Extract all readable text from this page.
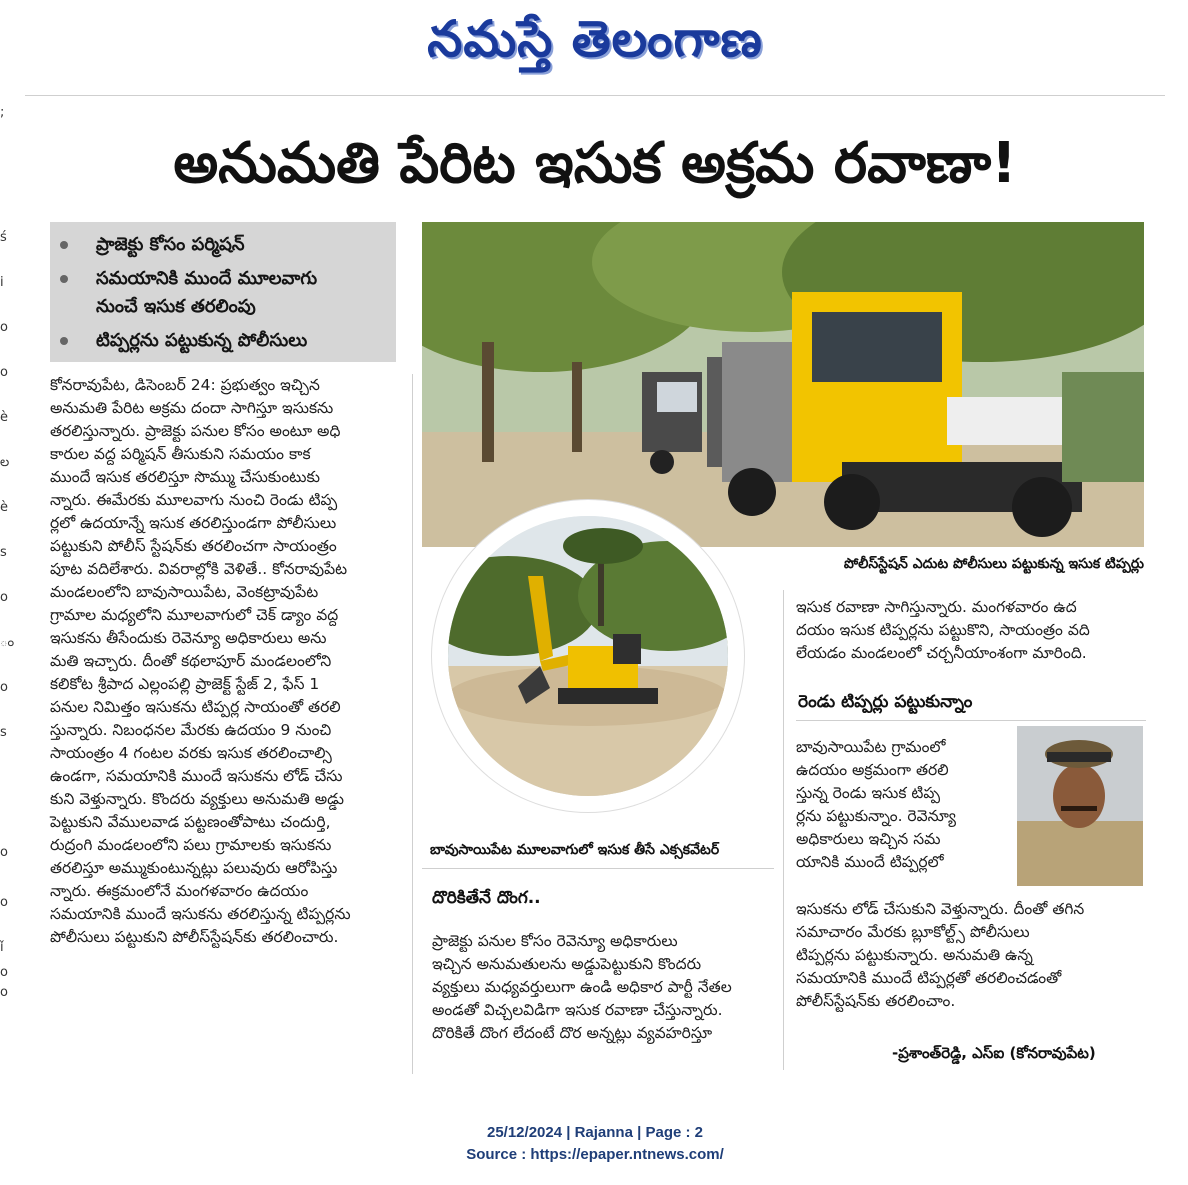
నమస్తే తెలంగాణ
;
ś
i
o
o
è
ల
è
s
o
ం
o
s
o
o
ǐ
o
o
అనుమతి పేరిట ఇసుక అక్రమ రవాణా!
ప్రాజెక్టు కోసం పర్మిషన్
సమయానికి ముందే మూలవాగు
నుంచే ఇసుక తరలింపు
టిప్పర్లను పట్టుకున్న పోలీసులు
కోనరావుపేట, డిసెంబర్ 24: ప్రభుత్వం ఇచ్చిన
అనుమతి పేరిట అక్రమ దందా సాగిస్తూ ఇసుకను
తరలిస్తున్నారు. ప్రాజెక్టు పనుల కోసం అంటూ అధి
కారుల వద్ద పర్మిషన్ తీసుకుని సమయం కాక
ముందే ఇసుక తరలిస్తూ సొమ్ము చేసుకుంటుకు
న్నారు. ఈమేరకు మూలవాగు నుంచి రెండు టిప్ప
ర్లలో ఉదయాన్నే ఇసుక తరలిస్తుండగా పోలీసులు
పట్టుకుని పోలీస్ స్టేషన్‌కు తరలించగా సాయంత్రం
పూట వదిలేశారు. వివరాల్లోకి వెళితే.. కోనరావుపేట
మండలంలోని బావుసాయిపేట, వెంకట్రావుపేట
గ్రామాల మధ్యలోని మూలవాగులో చెక్ డ్యాం వద్ద
ఇసుకను తీసేందుకు రెవెన్యూ అధికారులు అను
మతి ఇచ్చారు. దీంతో కథలాపూర్ మండలంలోని
కలికోట శ్రీపాద ఎల్లంపల్లి ప్రాజెక్ట్ స్టేజ్ 2, ఫేస్ 1
పనుల నిమిత్తం ఇసుకను టిప్పర్ల సాయంతో తరలి
స్తున్నారు. నిబంధనల మేరకు ఉదయం 9 నుంచి
సాయంత్రం 4 గంటల వరకు ఇసుక తరలించాల్సి
ఉండగా, సమయానికి ముందే ఇసుకను లోడ్ చేసు
కుని వెళ్తున్నారు. కొందరు వ్యక్తులు అనుమతి అడ్డు
పెట్టుకుని వేములవాడ పట్టణంతోపాటు చందుర్తి,
రుద్రంగి మండలంలోని పలు గ్రామాలకు ఇసుకను
తరలిస్తూ అమ్ముకుంటున్నట్లు పలువురు ఆరోపిస్తు
న్నారు. ఈక్రమంలోనే మంగళవారం ఉదయం
సమయానికి ముందే ఇసుకను తరలిస్తున్న టిప్పర్లను
పోలీసులు పట్టుకుని పోలీస్‌స్టేషన్‌కు తరలించారు.
పోలీస్‌స్టేషన్ ఎదుట పోలీసులు పట్టుకున్న ఇసుక టిప్పర్లు
బావుసాయిపేట మూలవాగులో ఇసుక తీసే ఎక్సకవేటర్
దొరికితేనే దొంగ..
ప్రాజెక్టు పనుల కోసం రెవెన్యూ అధికారులు
ఇచ్చిన అనుమతులను అడ్డుపెట్టుకుని కొందరు
వ్యక్తులు మధ్యవర్తులుగా ఉండి అధికార పార్టీ నేతల
అండతో విచ్చలవిడిగా ఇసుక రవాణా చేస్తున్నారు.
దొరికితే దొంగ లేదంటే దొర అన్నట్లు వ్యవహరిస్తూ
ఇసుక రవాణా సాగిస్తున్నారు. మంగళవారం ఉద
దయం ఇసుక టిప్పర్లను పట్టుకొని, సాయంత్రం వది
లేయడం మండలంలో చర్చనీయాంశంగా మారింది.
రెండు టిప్పర్లు పట్టుకున్నాం
బావుసాయిపేట గ్రామంలో
ఉదయం అక్రమంగా తరలి
స్తున్న రెండు ఇసుక టిప్ప
ర్లను పట్టుకున్నాం. రెవెన్యూ
అధికారులు ఇచ్చిన సమ
యానికి ముందే టిప్పర్లలో
ఇసుకను లోడ్ చేసుకుని వెళ్తున్నారు. దీంతో తగిన
సమాచారం మేరకు బ్లూకోల్ట్స్ పోలీసులు
టిప్పర్లను పట్టుకున్నారు. అనుమతి ఉన్న
సమయానికి ముందే టిప్పర్లతో తరలించడంతో
పోలీస్‌స్టేషన్‌కు తరలించాం.
-ప్రశాంత్‌రెడ్డి, ఎస్ఐ (కోనరావుపేట)
25/12/2024 | Rajanna | Page : 2
Source : https://epaper.ntnews.com/
